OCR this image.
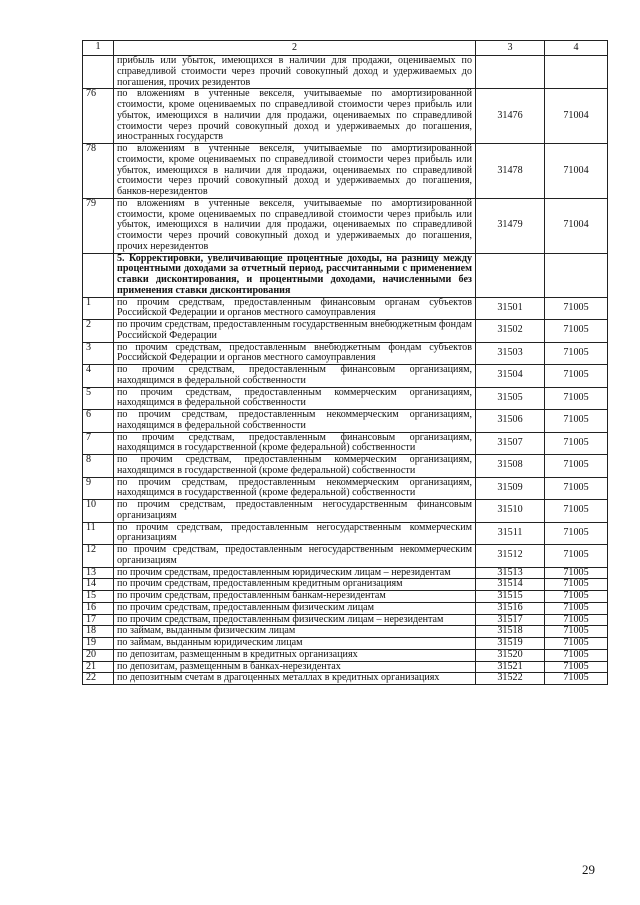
1	2	3	4
	прибыль или убыток, имеющихся в наличии для продажи, оцениваемых по справедливой стоимости через прочий совокупный доход и удерживаемых до погашения, прочих резидентов		
76	по вложениям в учтенные векселя, учитываемые по амортизированной стоимости, кроме оцениваемых по справедливой стоимости через прибыль или убыток, имеющихся в наличии для продажи, оцениваемых по справедливой стоимости через прочий совокупный доход и удерживаемых до погашения, иностранных государств	31476	71004
78	по вложениям в учтенные векселя, учитываемые по амортизированной стоимости, кроме оцениваемых по справедливой стоимости через прибыль или убыток, имеющихся в наличии для продажи, оцениваемых по справедливой стоимости через прочий совокупный доход и удерживаемых до погашения, банков-нерезидентов	31478	71004
79	по вложениям в учтенные векселя, учитываемые по амортизированной стоимости, кроме оцениваемых по справедливой стоимости через прибыль или убыток, имеющихся в наличии для продажи, оцениваемых по справедливой стоимости через прочий совокупный доход и удерживаемых до погашения, прочих нерезидентов	31479	71004
	5. Корректировки, увеличивающие процентные доходы, на разницу между процентными доходами за отчетный период, рассчитанными с применением ставки дисконтирования, и процентными доходами, начисленными без применения ставки дисконтирования		
1	по прочим средствам, предоставленным финансовым органам субъектов Российской Федерации и органов местного самоуправления	31501	71005
2	по прочим средствам, предоставленным государственным внебюджетным фондам Российской Федерации	31502	71005
3	по прочим средствам, предоставленным внебюджетным фондам субъектов Российской Федерации и органов местного самоуправления	31503	71005
4	по прочим средствам, предоставленным финансовым организациям, находящимся в федеральной собственности	31504	71005
5	по прочим средствам, предоставленным коммерческим организациям, находящимся в федеральной собственности	31505	71005
6	по прочим средствам, предоставленным некоммерческим организациям, находящимся в федеральной собственности	31506	71005
7	по прочим средствам, предоставленным финансовым организациям, находящимся в государственной (кроме федеральной) собственности	31507	71005
8	по прочим средствам, предоставленным коммерческим организациям, находящимся в государственной (кроме федеральной) собственности	31508	71005
9	по прочим средствам, предоставленным некоммерческим организациям, находящимся в государственной (кроме федеральной) собственности	31509	71005
10	по прочим средствам, предоставленным негосударственным финансовым организациям	31510	71005
11	по прочим средствам, предоставленным негосударственным коммерческим организациям	31511	71005
12	по прочим средствам, предоставленным негосударственным некоммерческим организациям	31512	71005
13	по прочим средствам, предоставленным юридическим лицам – нерезидентам	31513	71005
14	по прочим средствам, предоставленным кредитным организациям	31514	71005
15	по прочим средствам, предоставленным банкам-нерезидентам	31515	71005
16	по прочим средствам, предоставленным физическим лицам	31516	71005
17	по прочим средствам, предоставленным физическим лицам – нерезидентам	31517	71005
18	по займам, выданным физическим лицам	31518	71005
19	по займам, выданным юридическим лицам	31519	71005
20	по депозитам, размещенным в кредитных организациях	31520	71005
21	по депозитам, размещенным в банках-нерезидентах	31521	71005
22	по депозитным счетам в драгоценных металлах в кредитных организациях	31522	71005
29
